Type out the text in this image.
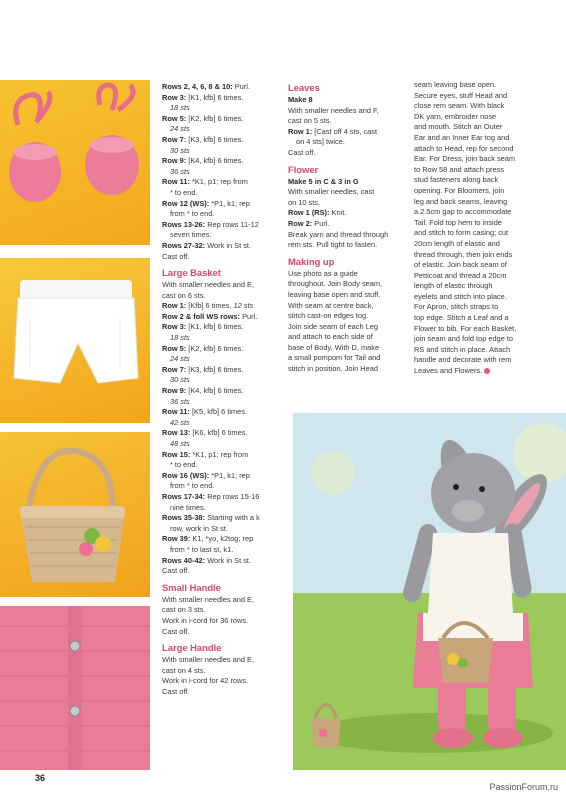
Rows 2, 4, 6, 8 & 10: Purl.

Row 3: [K1, kfb] 6 times.

18 sts

Row 5: [K2, kfb] 6 times.

24 sts

Row 7: [K3, kfb] 6 times.

30 sts

Row 9: [K4, kfb] 6 times.

36 sts

Row 11: *K1, p1; rep from

* to end.

Row 12 (WS): *P1, k1; rep

from * to end.

Rows 13-26: Rep rows 11-12

seven times.

Rows 27-32: Work in St st.

Cast off.

Large Basket

With smaller needles and E,

cast on 6 sts.

Row 1: [Kfb] 6 times, 12 sts

Row 2 & foll WS rows: Purl.

Row 3: [K1, kfb] 6 times.

18 sts

Row 5: [K2, kfb] 6 times.

24 sts

Row 7: [K3, kfb] 6 times.

30 sts

Row 9: [K4, kfb] 6 times.

36 sts

Row 11: [K5, kfb] 6 times.

42 sts

Row 13: [K6, kfb] 6 times.

48 sts

Row 15: *K1, p1; rep from

* to end.

Row 16 (WS): *P1, k1; rep

from * to end.

Rows 17-34: Rep rows 15-16

nine times.

Rows 35-38: Starting with a k

row, work in St st.

Row 39: K1, *yo, k2tog; rep

from * to last st, k1.

Rows 40-42: Work in St st.

Cast off.

Small Handle

With smaller needles and E,

cast on 3 sts.

Work in i-cord for 36 rows.

Cast off.

Large Handle

With smaller needles and E,

cast on 4 sts.

Work in i-cord for 42 rows.

Cast off.

Leaves

Make 8

With smaller needles and F,

cast on 5 sts.

Row 1: [Cast off 4 sts, cast

on 4 sts] twice.

Cast off.

Flower

Make 5 in C & 3 in G

With smaller needles, cast

on 10 sts.

Row 1 (RS): Knit.

Row 2: Purl.

Break yarn and thread through

rem sts. Pull tight to fasten.

Making up

Use photo as a guide

throughout. Join Body seam,

leaving base open and stuff.

With seam at centre back,

stitch cast-on edges tog.

Join side seam of each Leg

and attach to each side of

base of Body. With D, make

a small pompom for Tail and

stitch in position. Join Head

seam leaving base open.

Secure eyes, stuff Head and

close rem seam. With black

DK yarn, embroider nose

and mouth. Stitch an Outer

Ear and an Inner Ear tog and

attach to Head, rep for second

Ear. For Dress, join back seam

to Row 58 and attach press

stud fasteners along back

opening. For Bloomers, join

leg and back seams, leaving

a 2.5cm gap to accommodate

Tail. Fold top hem to inside

and stitch to form casing; cut

20cm length of elastic and

thread through, then join ends

of elastic. Join back seam of

Petticoat and thread a 20cm

length of elastic through

eyelets and stitch into place.

For Apron, stitch straps to

top edge. Stitch a Leaf and a

Flower to bib. For each Basket,

join seam and fold top edge to

RS and stitch in place. Attach

handle and decorate with rem

Leaves and Flowers.

36
PassionForum.ru
